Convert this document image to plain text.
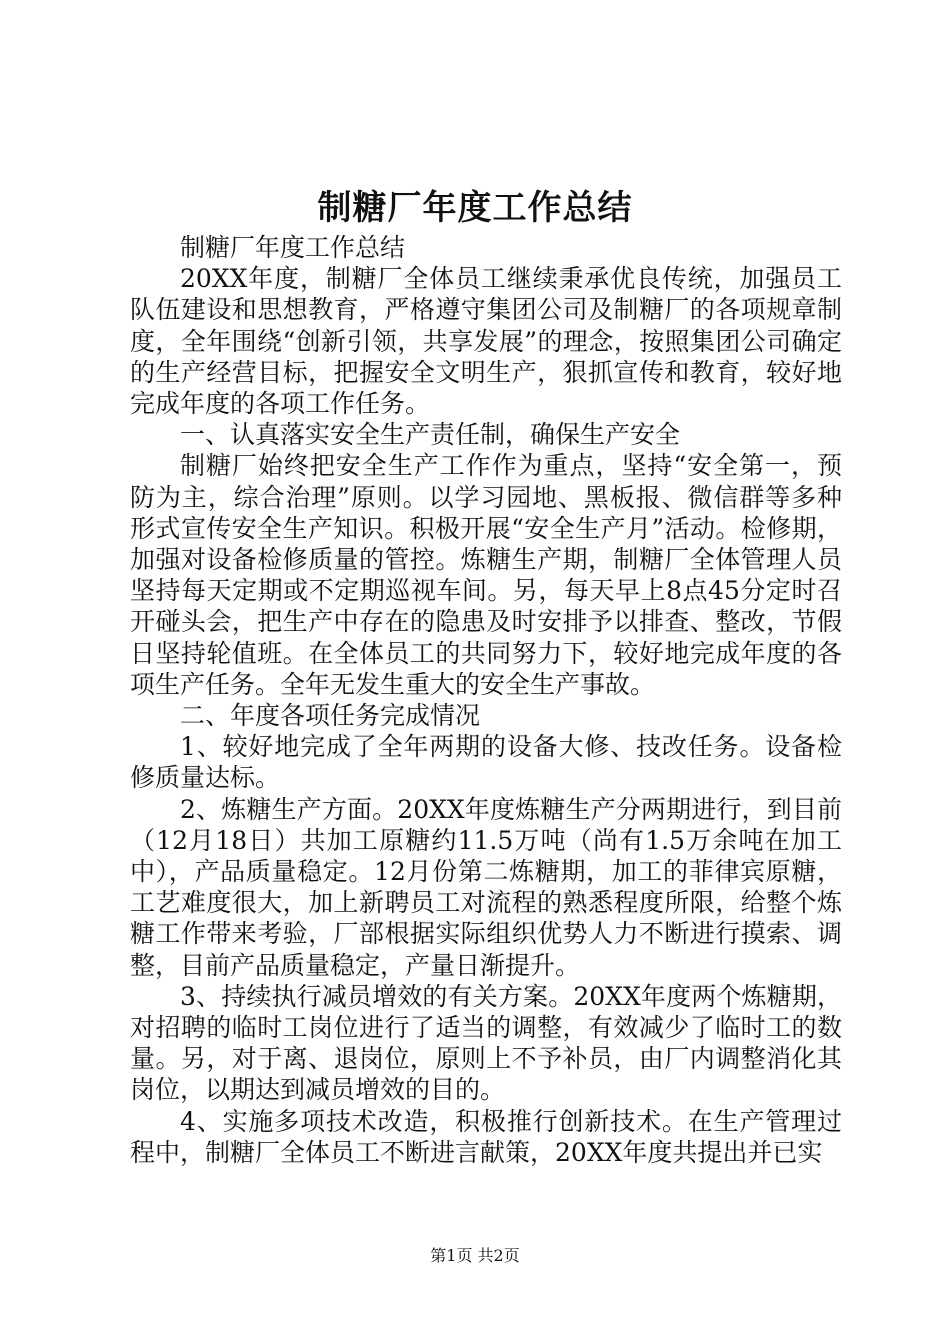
制糖厂年度工作总结

制糖厂年度工作总结

20XX年度，制糖厂全体员工继续秉承优良传统，加强员工队伍建设和思想教育，严格遵守集团公司及制糖厂的各项规章制度，全年围绕“创新引领，共享发展”的理念，按照集团公司确定的生产经营目标，把握安全文明生产，狠抓宣传和教育，较好地完成年度的各项工作任务。

一、认真落实安全生产责任制，确保生产安全

制糖厂始终把安全生产工作作为重点，坚持“安全第一，预防为主，综合治理”原则。以学习园地、黑板报、微信群等多种形式宣传安全生产知识。积极开展“安全生产月”活动。检修期，加强对设备检修质量的管控。炼糖生产期，制糖厂全体管理人员坚持每天定期或不定期巡视车间。另，每天早上8点45分定时召开碰头会，把生产中存在的隐患及时安排予以排查、整改，节假日坚持轮值班。在全体员工的共同努力下，较好地完成年度的各项生产任务。全年无发生重大的安全生产事故。

二、年度各项任务完成情况

1、较好地完成了全年两期的设备大修、技改任务。设备检修质量达标。

2、炼糖生产方面。20XX年度炼糖生产分两期进行，到目前（12月18日）共加工原糖约11.5万吨（尚有1.5万余吨在加工中），产品质量稳定。12月份第二炼糖期，加工的菲律宾原糖，工艺难度很大，加上新聘员工对流程的熟悉程度所限，给整个炼糖工作带来考验，厂部根据实际组织优势人力不断进行摸索、调整，目前产品质量稳定，产量日渐提升。

3、持续执行减员增效的有关方案。20XX年度两个炼糖期，对招聘的临时工岗位进行了适当的调整，有效减少了临时工的数量。另，对于离、退岗位，原则上不予补员，由厂内调整消化其岗位，以期达到减员增效的目的。

4、实施多项技术改造，积极推行创新技术。在生产管理过程中，制糖厂全体员工不断进言献策，20XX年度共提出并已实

第1页 共2页
